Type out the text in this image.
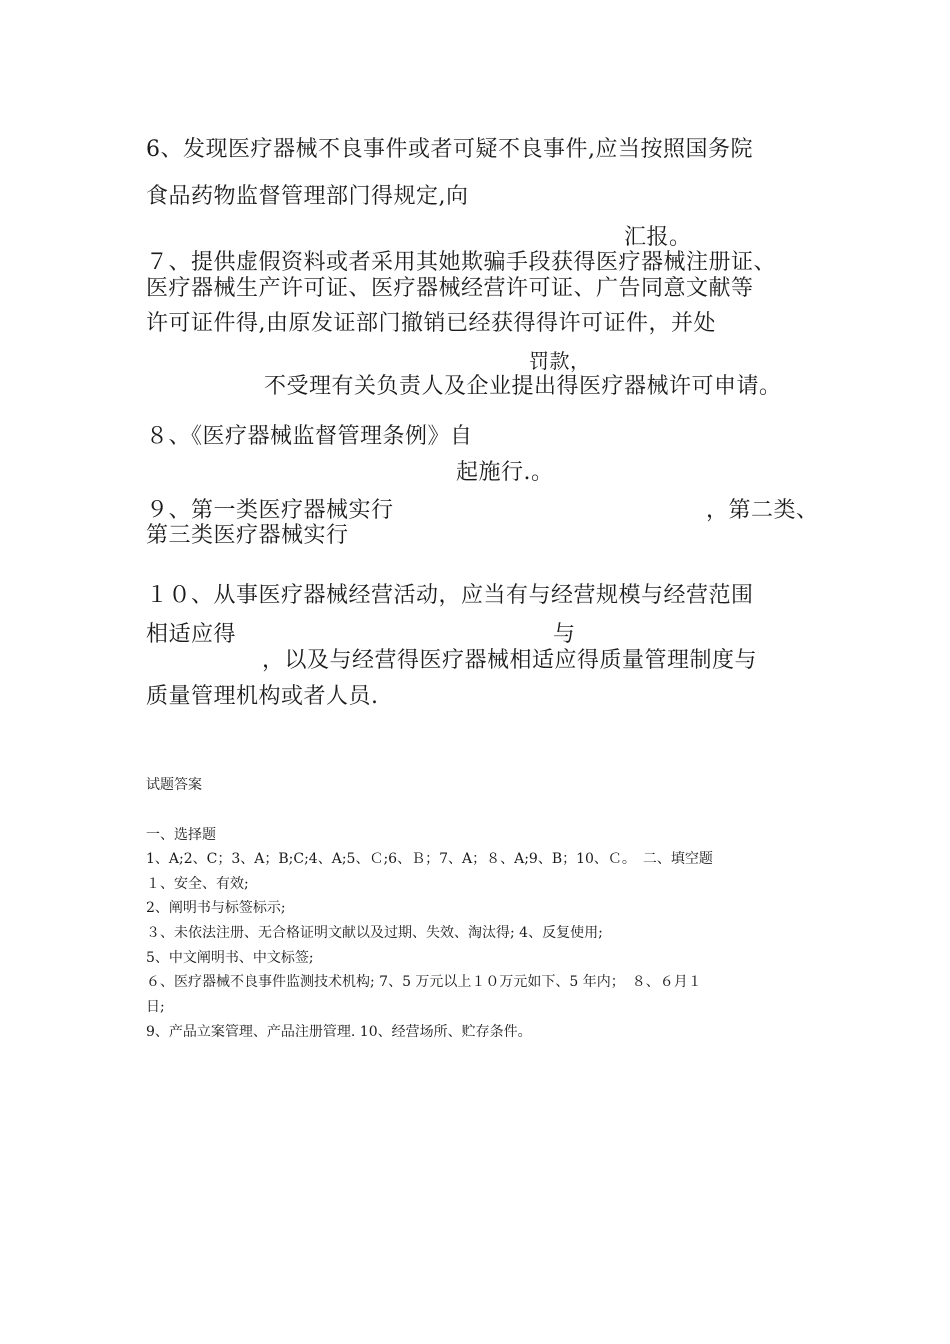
6、发现医疗器械不良事件或者可疑不良事件,应当按照国务院
食品药物监督管理部门得规定,向
汇报。
７、提供虚假资料或者采用其她欺骗手段获得医疗器械注册证、
医疗器械生产许可证、医疗器械经营许可证、广告同意文献等
许可证件得,由原发证部门撤销已经获得得许可证件，并处
罚款，
不受理有关负责人及企业提出得医疗器械许可申请。
８、《医疗器械监督管理条例》自
起施行.。
９、第一类医疗器械实行	，第二类、
第三类医疗器械实行
１０、从事医疗器械经营活动，应当有与经营规模与经营范围
相适应得	与
，以及与经营得医疗器械相适应得质量管理制度与
质量管理机构或者人员.
试题答案
一、选择题
1、A;2、C；3、A；B;C;4、A;5、Ｃ;6、Ｂ；7、A；８、A;9、B；10、Ｃ。　二、填空题
１、安全、有效;
2、阐明书与标签标示;
３、未依法注册、无合格证明文献以及过期、失效、淘汰得; 4、反复使用;
5、中文阐明书、中文标签;
６、医疗器械不良事件监测技术机构; 7、5 万元以上１０万元如下、5 年内；　８、６月１
日;
9、产品立案管理、产品注册管理. 10、经营场所、贮存条件。
